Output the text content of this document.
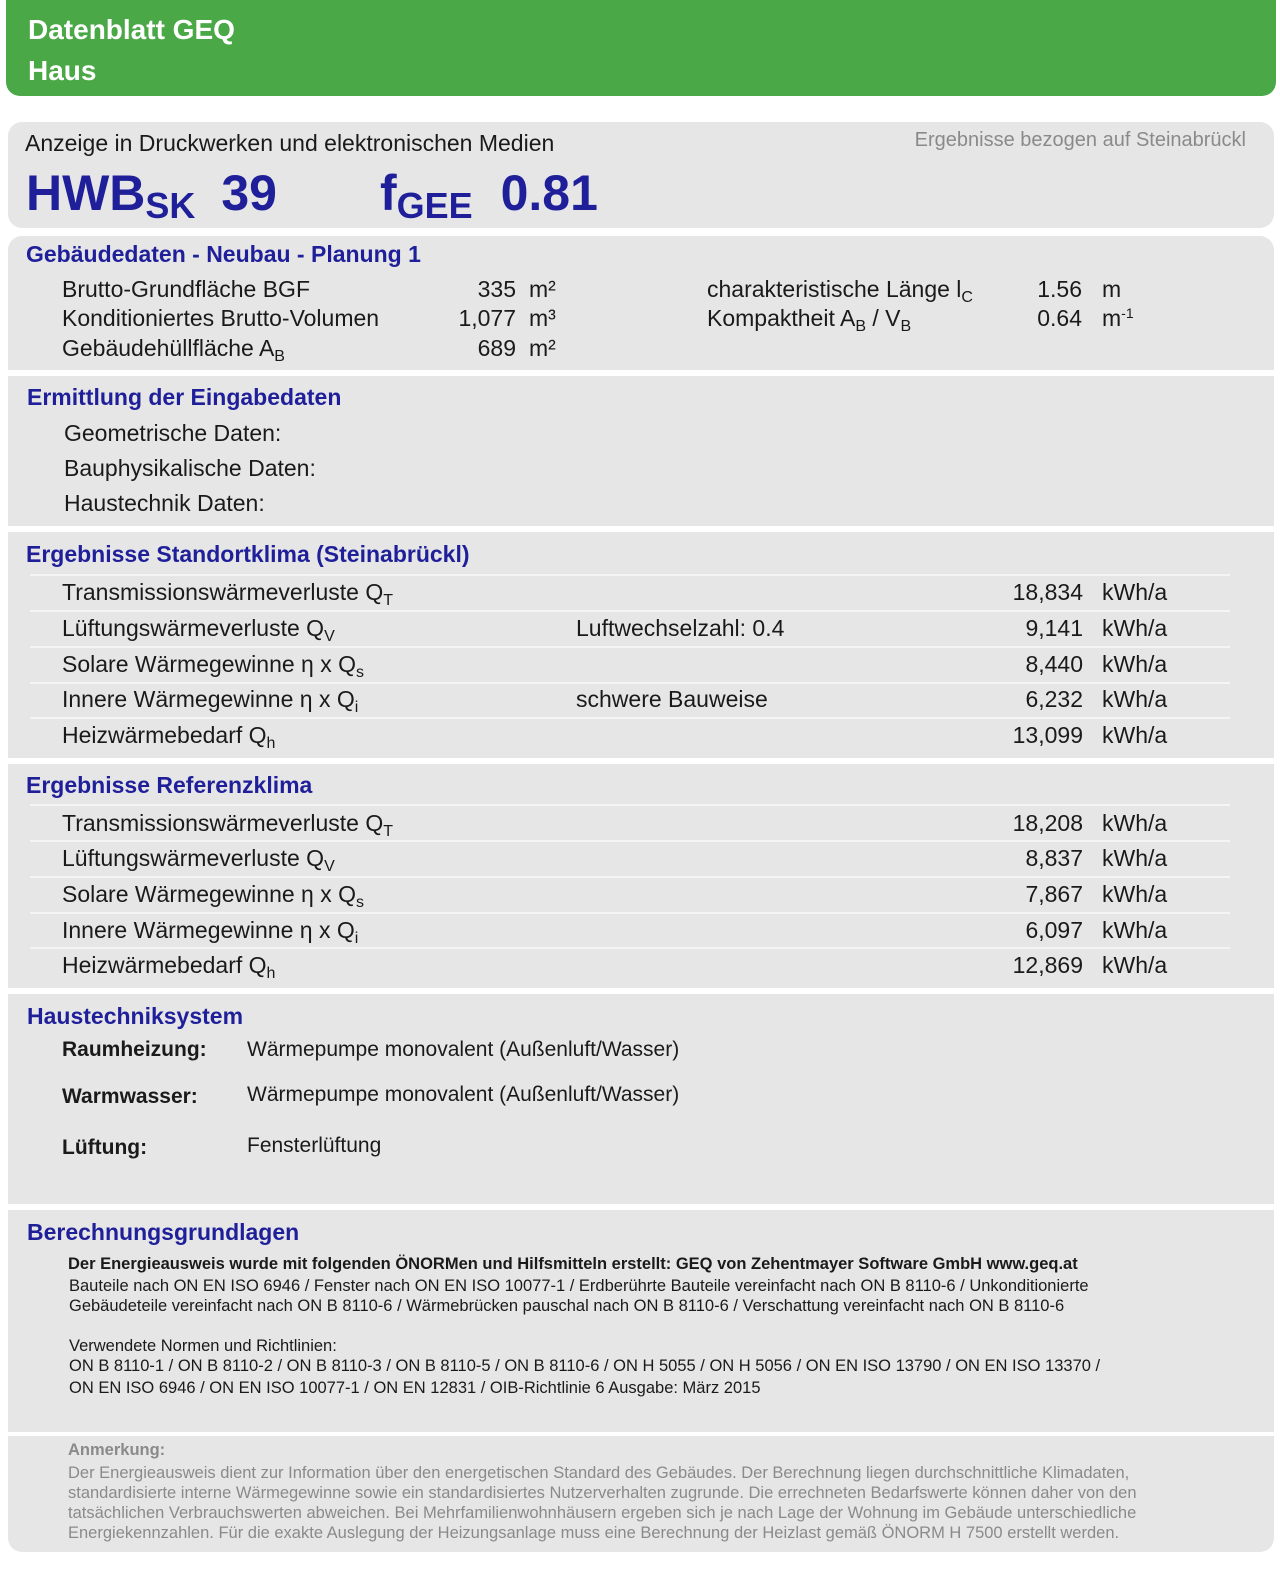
Datenblatt GEQ
Haus
Anzeige in Druckwerken und elektronischen Medien	Ergebnisse bezogen auf Steinabrückl
HWBSK 39 fGEE 0.81
Gebäudedaten - Neubau - Planung 1
Brutto-Grundfläche BGF	335 m²
Konditioniertes Brutto-Volumen	1,077 m³
Gebäudehüllfläche $A_B$	689 m²
charakteristische Länge $l_C$	1.56 m
Kompaktheit $A_B / V_B$	0.64 $m^{-1}$
Ermittlung der Eingabedaten
Geometrische Daten:
Bauphysikalische Daten:
Haustechnik Daten:
Ergebnisse Standortklima (Steinabrückl)
Transmissionswärmeverluste $Q_T$	18,834 kWh/a
Lüftungswärmeverluste $Q_V$	Luftwechselzahl: 0.4	9,141 kWh/a
Solare Wärmegewinne η x $Q_s$	8,440 kWh/a
Innere Wärmegewinne η x $Q_i$	schwere Bauweise	6,232 kWh/a
Heizwärmebedarf $Q_h$	13,099 kWh/a
Ergebnisse Referenzklima
Transmissionswärmeverluste $Q_T$	18,208 kWh/a
Lüftungswärmeverluste $Q_V$	8,837 kWh/a
Solare Wärmegewinne η x $Q_s$	7,867 kWh/a
Innere Wärmegewinne η x $Q_i$	6,097 kWh/a
Heizwärmebedarf $Q_h$	12,869 kWh/a
Haustechniksystem
Raumheizung: Wärmepumpe monovalent (Außenluft/Wasser)
Warmwasser: Wärmepumpe monovalent (Außenluft/Wasser)
Lüftung:	Fensterlüftung
Berechnungsgrundlagen
Der Energieausweis wurde mit folgenden ÖNORMen und Hilfsmitteln erstellt: GEQ von Zehentmayer Software GmbH www.geq.at
Bauteile nach ON EN ISO 6946 / Fenster nach ON EN ISO 10077-1 / Erdberührte Bauteile vereinfacht nach ON B 8110-6 / Unkonditionierte
Gebäudeteile vereinfacht nach ON B 8110-6 / Wärmebrücken pauschal nach ON B 8110-6 / Verschattung vereinfacht nach ON B 8110-6
Verwendete Normen und Richtlinien:
ON B 8110-1 / ON B 8110-2 / ON B 8110-3 / ON B 8110-5 / ON B 8110-6 / ON H 5055 / ON H 5056 / ON EN ISO 13790 / ON EN ISO 13370 /
ON EN ISO 6946 / ON EN ISO 10077-1 / ON EN 12831 / OIB-Richtlinie 6 Ausgabe: März 2015
Anmerkung:
Der Energieausweis dient zur Information über den energetischen Standard des Gebäudes. Der Berechnung liegen durchschnittliche Klimadaten,
standardisierte interne Wärmegewinne sowie ein standardisiertes Nutzerverhalten zugrunde. Die errechneten Bedarfswerte können daher von den
tatsächlichen Verbrauchswerten abweichen. Bei Mehrfamilienwohnhäusern ergeben sich je nach Lage der Wohnung im Gebäude unterschiedliche
Energiekennzahlen. Für die exakte Auslegung der Heizungsanlage muss eine Berechnung der Heizlast gemäß ÖNORM H 7500 erstellt werden.
